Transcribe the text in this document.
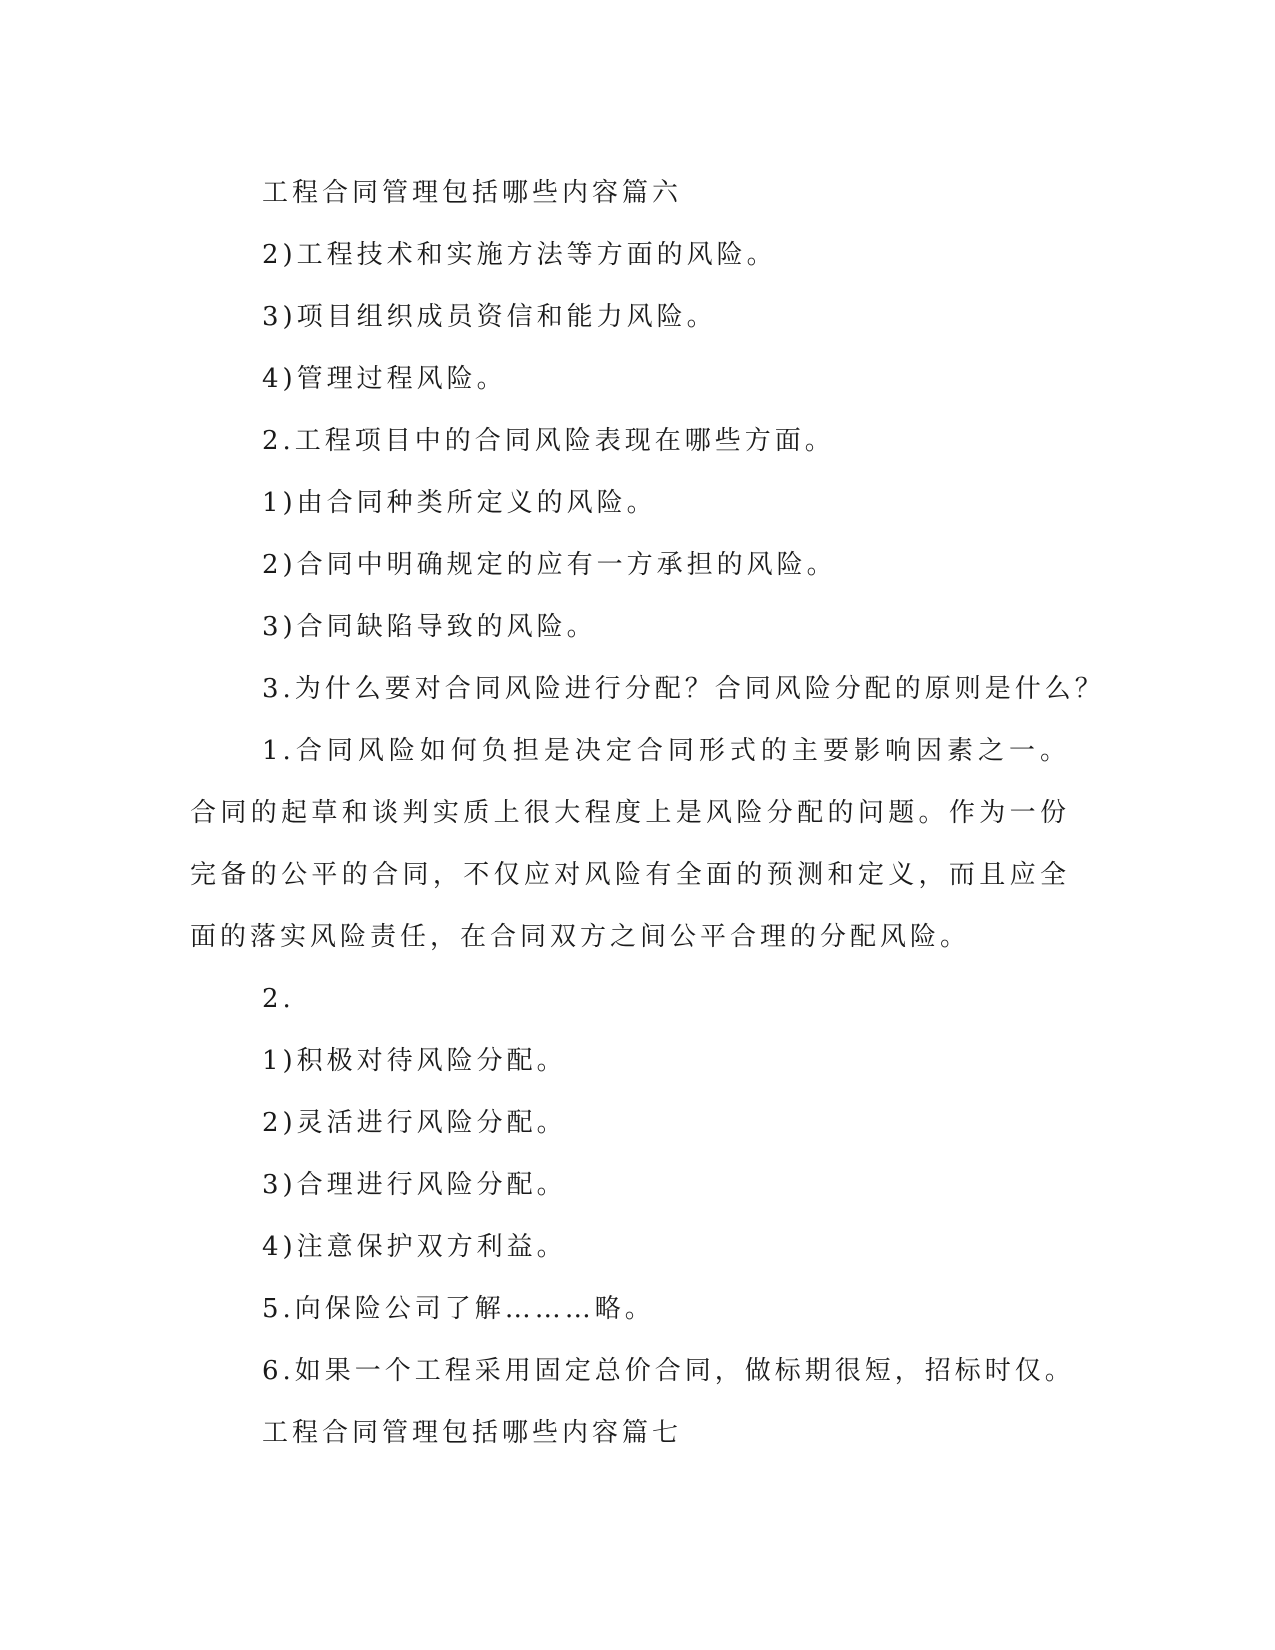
工程合同管理包括哪些内容篇六

2)工程技术和实施方法等方面的风险。

3)项目组织成员资信和能力风险。

4)管理过程风险。

2.工程项目中的合同风险表现在哪些方面。

1)由合同种类所定义的风险。

2)合同中明确规定的应有一方承担的风险。

3)合同缺陷导致的风险。

3.为什么要对合同风险进行分配？合同风险分配的原则是什么？

1.合同风险如何负担是决定合同形式的主要影响因素之一。合同的起草和谈判实质上很大程度上是风险分配的问题。作为一份完备的公平的合同，不仅应对风险有全面的预测和定义，而且应全面的落实风险责任，在合同双方之间公平合理的分配风险。

2.

1)积极对待风险分配。

2)灵活进行风险分配。

3)合理进行风险分配。

4)注意保护双方利益。

5.向保险公司了解………略。

6.如果一个工程采用固定总价合同，做标期很短，招标时仅。

工程合同管理包括哪些内容篇七
